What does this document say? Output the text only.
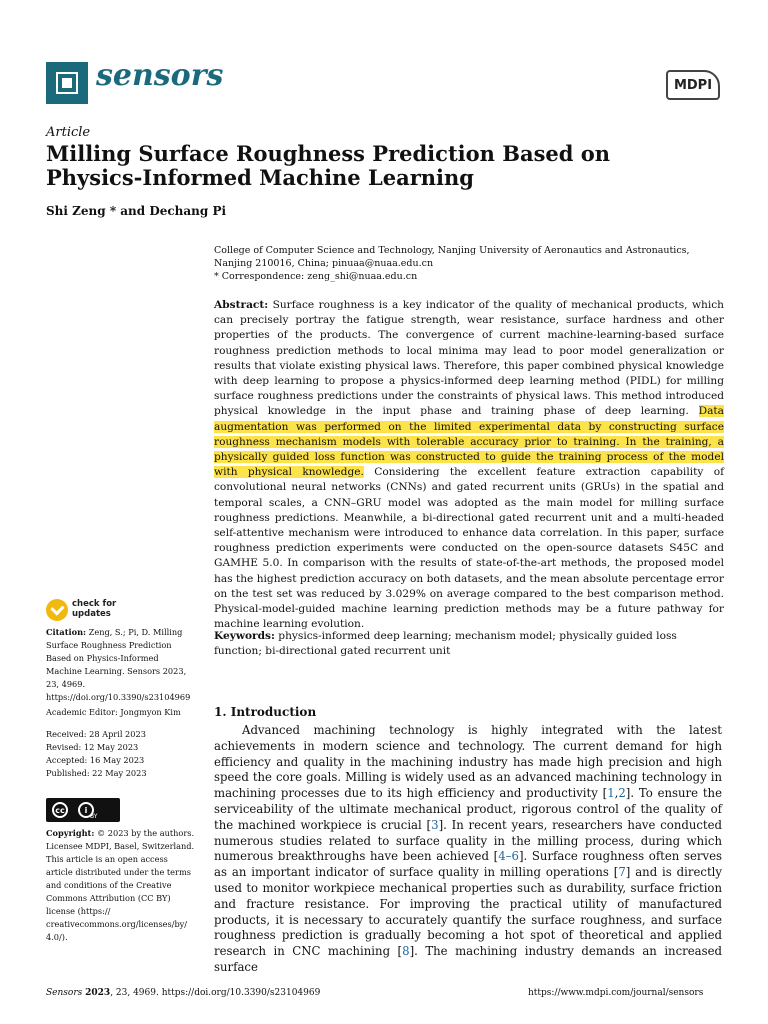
sensors	MDPI
Article
Milling Surface Roughness Prediction Based on Physics-Informed Machine Learning
Shi Zeng * and Dechang Pi
College of Computer Science and Technology, Nanjing University of Aeronautics and Astronautics,
Nanjing 210016, China; pinuaa@nuaa.edu.cn
* Correspondence: zeng_shi@nuaa.edu.cn
Abstract: Surface roughness is a key indicator of the quality of mechanical products, which can precisely portray the fatigue strength, wear resistance, surface hardness and other properties of the products. The convergence of current machine-learning-based surface roughness prediction methods to local minima may lead to poor model generalization or results that violate existing physical laws. Therefore, this paper combined physical knowledge with deep learning to propose a physics-informed deep learning method (PIDL) for milling surface roughness predictions under the constraints of physical laws. This method introduced physical knowledge in the input phase and training phase of deep learning. Data augmentation was performed on the limited experimental data by constructing surface roughness mechanism models with tolerable accuracy prior to training. In the training, a physically guided loss function was constructed to guide the training process of the model with physical knowledge. Considering the excellent feature extraction capability of convolutional neural networks (CNNs) and gated recurrent units (GRUs) in the spatial and temporal scales, a CNN–GRU model was adopted as the main model for milling surface roughness predictions. Meanwhile, a bi-directional gated recurrent unit and a multi-headed self-attentive mechanism were introduced to enhance data correlation. In this paper, surface roughness prediction experiments were conducted on the open-source datasets S45C and GAMHE 5.0. In comparison with the results of state-of-the-art methods, the proposed model has the highest prediction accuracy on both datasets, and the mean absolute percentage error on the test set was reduced by 3.029% on average compared to the best comparison method. Physical-model-guided machine learning prediction methods may be a future pathway for machine learning evolution.
Keywords: physics-informed deep learning; mechanism model; physically guided loss function; bi-directional gated recurrent unit
check for
updates
Citation: Zeng, S.; Pi, D. Milling Surface Roughness Prediction Based on Physics-Informed Machine Learning. Sensors 2023, 23, 4969. https://doi.org/10.3390/s23104969
Academic Editor: Jongmyon Kim
Received: 28 April 2023
Revised: 12 May 2023
Accepted: 16 May 2023
Published: 22 May 2023
cc	i
BY
Copyright: © 2023 by the authors. Licensee MDPI, Basel, Switzerland. This article is an open access article distributed under the terms and conditions of the Creative Commons Attribution (CC BY) license (https:// creativecommons.org/licenses/by/ 4.0/).
1. Introduction
Advanced machining technology is highly integrated with the latest achievements in modern science and technology. The current demand for high efficiency and quality in the machining industry has made high precision and high speed the core goals. Milling is widely used as an advanced machining technology in machining processes due to its high efficiency and productivity [1,2]. To ensure the serviceability of the ultimate mechanical product, rigorous control of the quality of the machined workpiece is crucial [3]. In recent years, researchers have conducted numerous studies related to surface quality in the milling process, during which numerous breakthroughs have been achieved [4–6]. Surface roughness often serves as an important indicator of surface quality in milling operations [7] and is directly used to monitor workpiece mechanical properties such as durability, surface friction and fracture resistance. For improving the practical utility of manufactured products, it is necessary to accurately quantify the surface roughness, and surface roughness prediction is gradually becoming a hot spot of theoretical and applied research in CNC machining [8]. The machining industry demands an increased surface
Sensors 2023, 23, 4969. https://doi.org/10.3390/s23104969	https://www.mdpi.com/journal/sensors
